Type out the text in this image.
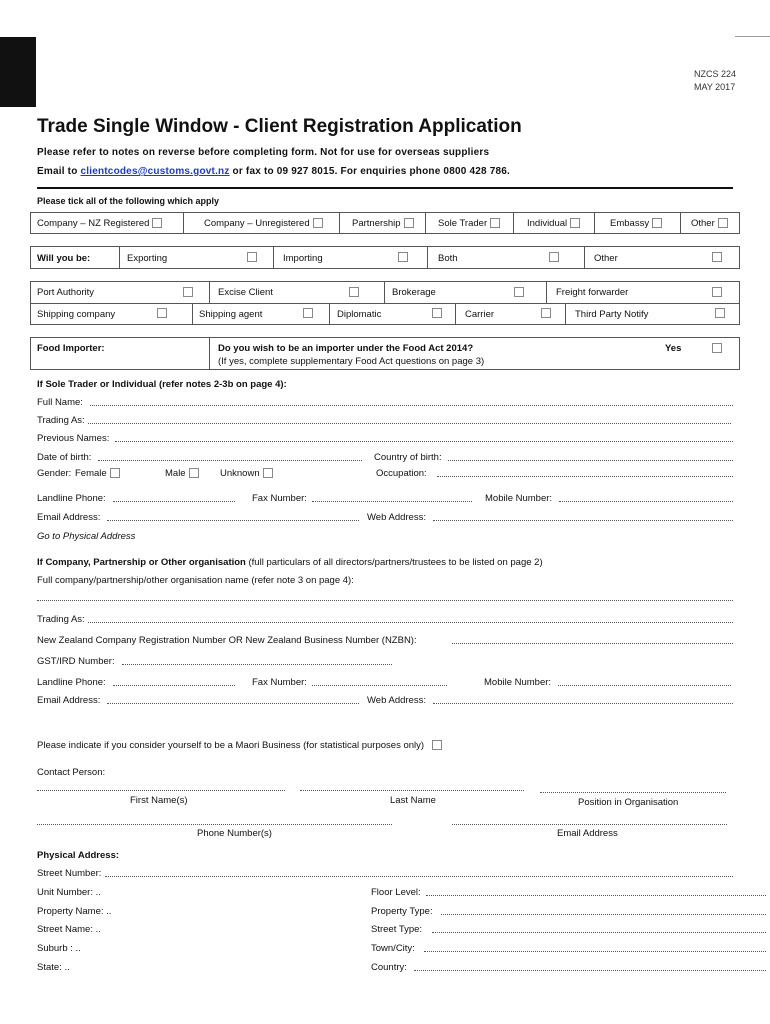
NZCS 224
MAY 2017
Trade Single Window - Client Registration Application
Please refer to notes on reverse before completing form. Not for use for overseas suppliers
Email to clientcodes@customs.govt.nz or fax to 09 927 8015. For enquiries phone 0800 428 786.
Please tick all of the following which apply
Company – NZ Registered	Company – Unregistered	Partnership	Sole Trader	Individual	Embassy	Other
Will you be:	Exporting	Importing	Both	Other
Port Authority	Excise Client	Brokerage	Freight forwarder
Shipping company	Shipping agent	Diplomatic	Carrier	Third Party Notify
Food Importer:	Do you wish to be an importer under the Food Act 2014?
(If yes, complete supplementary Food Act questions on page 3)
Yes
If Sole Trader or Individual (refer notes 2-3b on page 4):
Full Name:
Trading As:
Previous Names:
Date of birth:	Country of birth:
Gender: Female	Male	Unknown	Occupation:
Landline Phone:	Fax Number:	Mobile Number:
Email Address:	Web Address:
Go to Physical Address
If Company, Partnership or Other organisation (full particulars of all directors/partners/trustees to be listed on page 2)
Full company/partnership/other organisation name (refer note 3 on page 4):
Trading As:
New Zealand Company Registration Number OR New Zealand Business Number (NZBN):
GST/IRD Number:
Landline Phone:	Fax Number:	Mobile Number:
Email Address:	Web Address:
Please indicate if you consider yourself to be a Maori Business (for statistical purposes only)
Contact Person:
First Name(s)	Last Name	Position in Organisation
Phone Number(s)	Email Address
Physical Address:
Street Number:
Unit Number: ..	Floor Level:
Property Name: ..	Property Type:
Street Name: ..	Street Type:
Suburb : ..	Town/City:
State: ..	Country:
